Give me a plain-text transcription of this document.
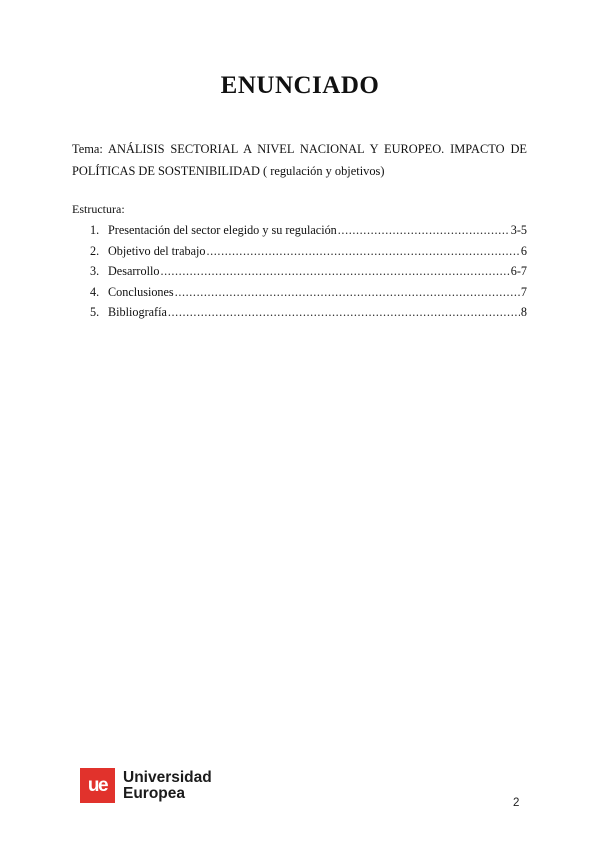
ENUNCIADO
Tema: ANÁLISIS SECTORIAL A NIVEL NACIONAL Y EUROPEO. IMPACTO DE POLÍTICAS DE SOSTENIBILIDAD ( regulación y objetivos)
Estructura:
1. Presentación del sector elegido y su regulación .....	3-5
2. Objetivo del trabajo .....	6
3. Desarrollo .....	6-7
4. Conclusiones .....	7
5. Bibliografía .....	8
ue	Universidad
Europea
2
